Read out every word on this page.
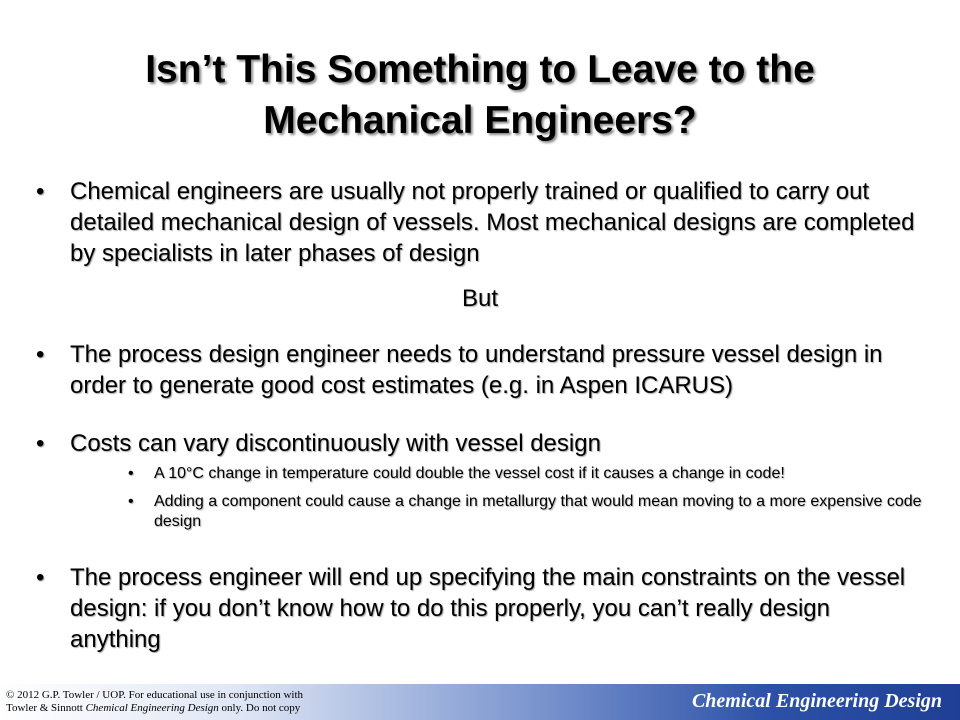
Isn’t This Something to Leave to the
Mechanical Engineers?
•	Chemical engineers are usually not properly trained or qualified to carry out detailed mechanical design of vessels. Most mechanical designs are completed by specialists in later phases of design
But
•	The process design engineer needs to understand pressure vessel design in order to generate good cost estimates (e.g. in Aspen ICARUS)
•	Costs can vary discontinuously with vessel design
•	A 10°C change in temperature could double the vessel cost if it causes a change in code!
•	Adding a component could cause a change in metallurgy that would mean moving to a more expensive code design
•	The process engineer will end up specifying the main constraints on the vessel design: if you don’t know how to do this properly, you can’t really design anything
© 2012 G.P. Towler / UOP. For educational use in conjunction with
Towler & Sinnott Chemical Engineering Design only. Do not copy	Chemical Engineering Design
